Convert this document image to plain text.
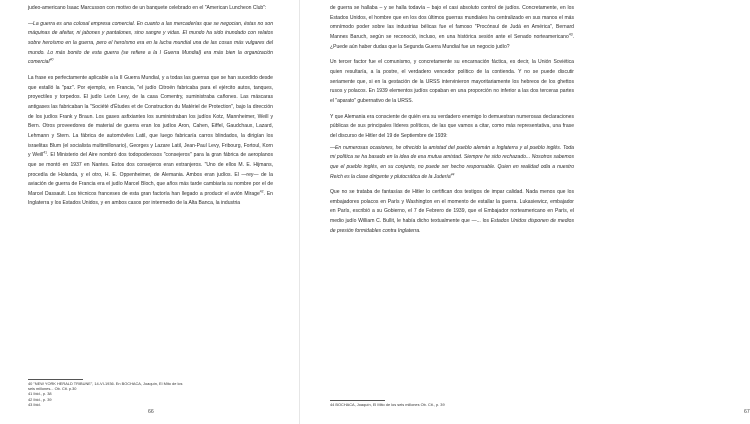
judeo-americano Isaac Marcusson con motivo de un banquete celebrado en el "American Luncheon Club":

—La guerra es una colosal empresa comercial. En cuanto a las mercaderías que se negocian, éstas no son máquinas de afeitar, ni jabones y pantalones, sino sangre y vidas. El mundo ha sido inundado con relatos sobre heroísmo en la guerra, pero el heroísmo era en la lucha mundial una de las cosas más vulgares del mundo. Lo más bonito de esta guerra (se refiere a la I Guerra Mundial) era más bien la organización comercial$^{40}$

La frase es perfectamente aplicable a la II Guerra Mundial, y a todas las guerras que se han sucedido desde que estalló la "paz". Por ejemplo, en Francia, "el judío Citroën fabricaba para el ejército autos, tanques, proyectiles y torpedos. El judío León Levy, de la casa Comentry, suministraba cañones. Las máscaras antigases las fabricaban la "Société d'Études et de Construction du Matériel de Protection", bajo la dirección de los judíos Frank y Braun. Los gases asfixiantes los suministraban los judíos Kotz, Mannheimer, Weill y Bern. Otros proveedores de material de guerra eran los judíos Aron, Cahen, Eiffel, Gaudchaux, Lazard, Lehmann y Stern. La fábrica de automóviles Latil, que luego fabricaría carros blindados, la dirigían los israelitas Blum (el socialista multimillonario), Georges y Lazare Latil, Jean-Paul Levy, Fribourg, Fortoul, Korn y Weill$^{41}$. El Ministerio del Aire nombró dos todopoderosos "consejeros" para la gran fábrica de aeroplanos que se montó en 1937 en Nantes. Estos dos consejeros eran extranjeros. "Uno de ellos M. E. Hijmans, procedía de Holanda, y el otro, H. E. Oppenheimer, de Alemania. Ambos eran judíos. El —rey— de la aviación de guerra de Francia era el judío Marcel Bloch, que años más tarde cambiaría su nombre por el de Marcel Dassault. Los técnicos franceses de esta gran factoría han llegado a producir el avión Mirage$^{42}$. En Inglaterra y los Estados Unidos, y en ambos casos por intermedio de la Alta Banca, la industria

40 "NEW YORK HERALD TRIBUNE", 14-VI-1936. En BOCHACA, Joaquín, El Mito de los seis millones... Ob. Cit. p.30
41 Ibid., p. 38
42 Ibid., p. 39
43 Ibid.
66

de guerra se hallaba – y se halla todavía – bajo el casi absoluto control de judíos. Concretamente, en los Estados Unidos, el hombre que en los dos últimos guerras mundiales ha centralizado en sus manos el más omnímodo poder sobre las industrias bélicas fue el famoso "Procónsul de Judá en América", Bernard Mannes Baruch, según se reconoció, incluso, en una histórica sesión ante el Senado norteamericano$^{43}$. ¿Puede aún haber dudas que la Segunda Guerra Mundial fue un negocio judío?

Un tercer factor fue el comunismo, y concretamente su encarnación fáctica, es decir, la Unión Soviética quien resultaría, a la postre, el verdadero vencedor político de la contienda. Y no se puede discutir seriamente que, si en la gestación de la URSS intervinieron mayoritariamente los hebreos de los ghettos rusos y polacos. En 1939 elementos judíos copaban en una proporción no inferior a las dos terceras partes el "aparato" gubernativo de la URSS.

Y que Alemania era consciente de quién era su verdadero enemigo lo demuestran numerosas declaraciones públicas de sus principales líderes políticos, de las que vamos a citar, como más representativa, una frase del discurso de Hitler del 19 de Septiembre de 1939:

—En numerosas ocasiones, he ofrecido la amistad del pueblo alemán a Inglaterra y al pueblo inglés. Toda mi política se ha basado en la idea de esa mutua amistad. Siempre he sido rechazado... Nosotros sabemos que el pueblo inglés, en su conjunto, no puede ser hecho responsable. Quien en realidad odia a nuestro Reich es la clase dirigente y plutocrática de la Judería$^{44}$

Que no se trataba de fantasías de Hitler lo certifican dos testigos de impar calidad. Nada menos que los embajadores polacos en París y Washington en el momento de estallar la guerra. Lukasiewicz, embajador en París, escribió a su Gobierno, el 7 de Febrero de 1939, que el Embajador norteamericano en París, el medio judío William C. Bullit, le había dicho textualmente que —... los Estados Unidos disponen de medios de presión formidables contra Inglaterra.

44 BOCHACA, Joaquín, El Mito de los seis millones Ob. Cit., p. 39
67
